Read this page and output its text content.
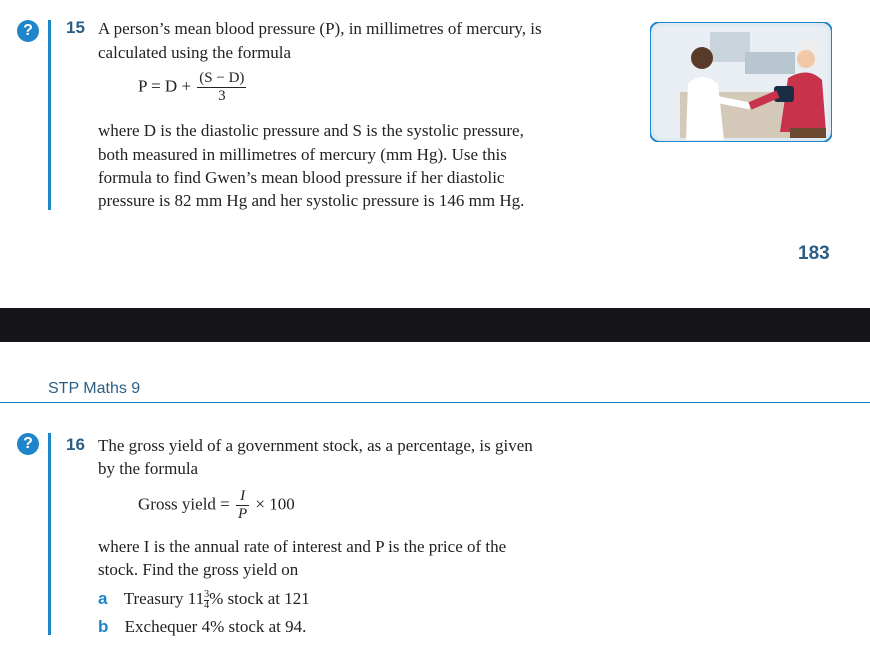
?	15 A person’s mean blood pressure (P), in millimetres of mercury, is
calculated using the formula
$P = D + \frac{(S - D)}{3}$
where D is the diastolic pressure and S is the systolic pressure,
both measured in millimetres of mercury (mm Hg). Use this
formula to find Gwen’s mean blood pressure if her diastolic
pressure is 82 mm Hg and her systolic pressure is 146 mm Hg.
183
STP Maths 9
?	16 The gross yield of a government stock, as a percentage, is given
by the formula
Gross yield = $\frac{I}{P} \times 100$
where I is the annual rate of interest and P is the price of the
stock. Find the gross yield on
a Treasury $11 \frac{3}{4}$ % stock at 121
b Exchequer 4% stock at 94.
